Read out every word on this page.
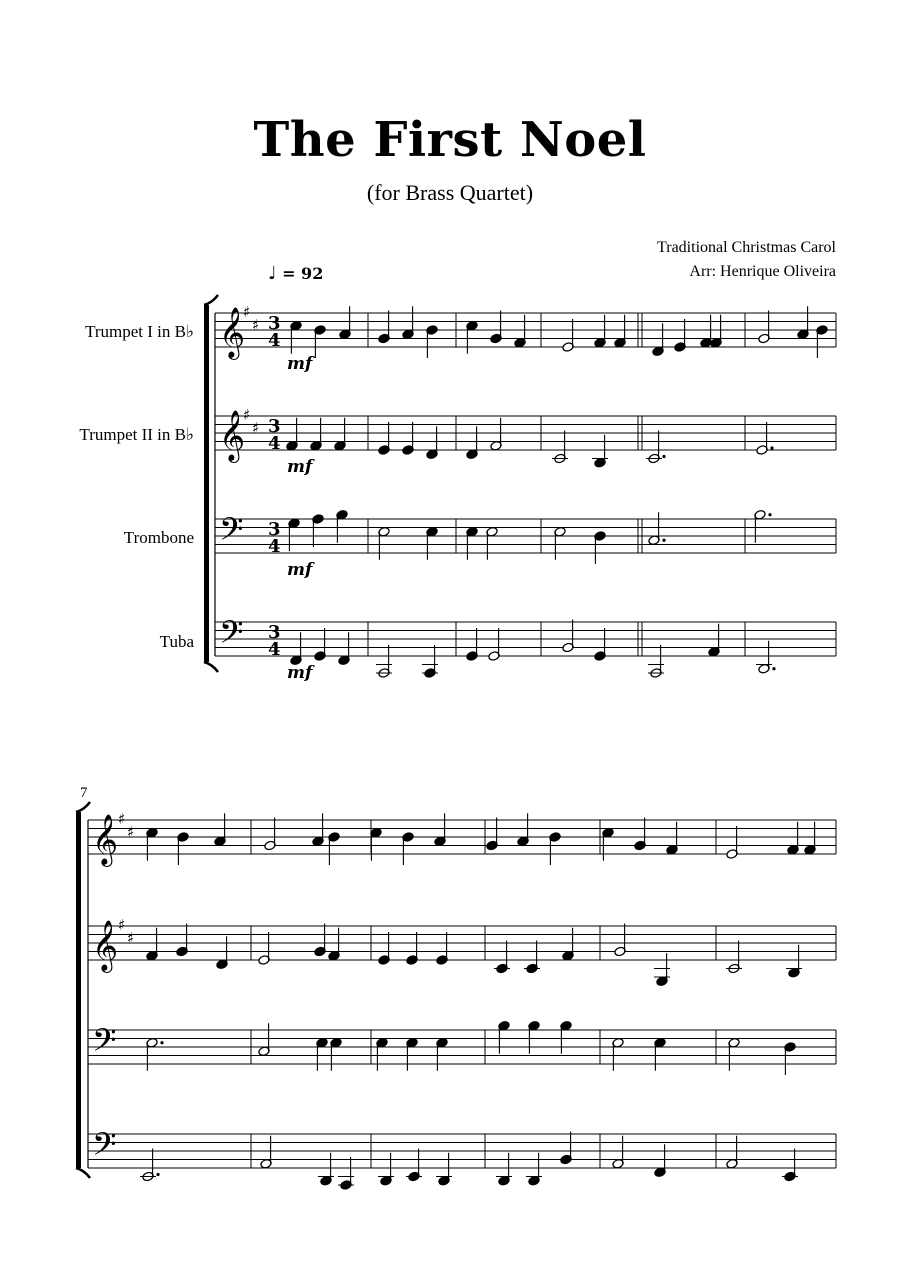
The First Noel
(for Brass Quartet)
Traditional Christmas Carol
Arr: Henrique Oliveira
♩ = 92
Trumpet I in B♭
Trumpet II in B♭
Trombone
Tuba
7
𝄞
♯
♯ 3
4
𝄞
♯
♯ 3
4
𝄢 3
4
𝄢 3
4
mf
mf
mf
mf
𝄞 ♯
♯
𝄞 ♯
♯
𝄢
𝄢
